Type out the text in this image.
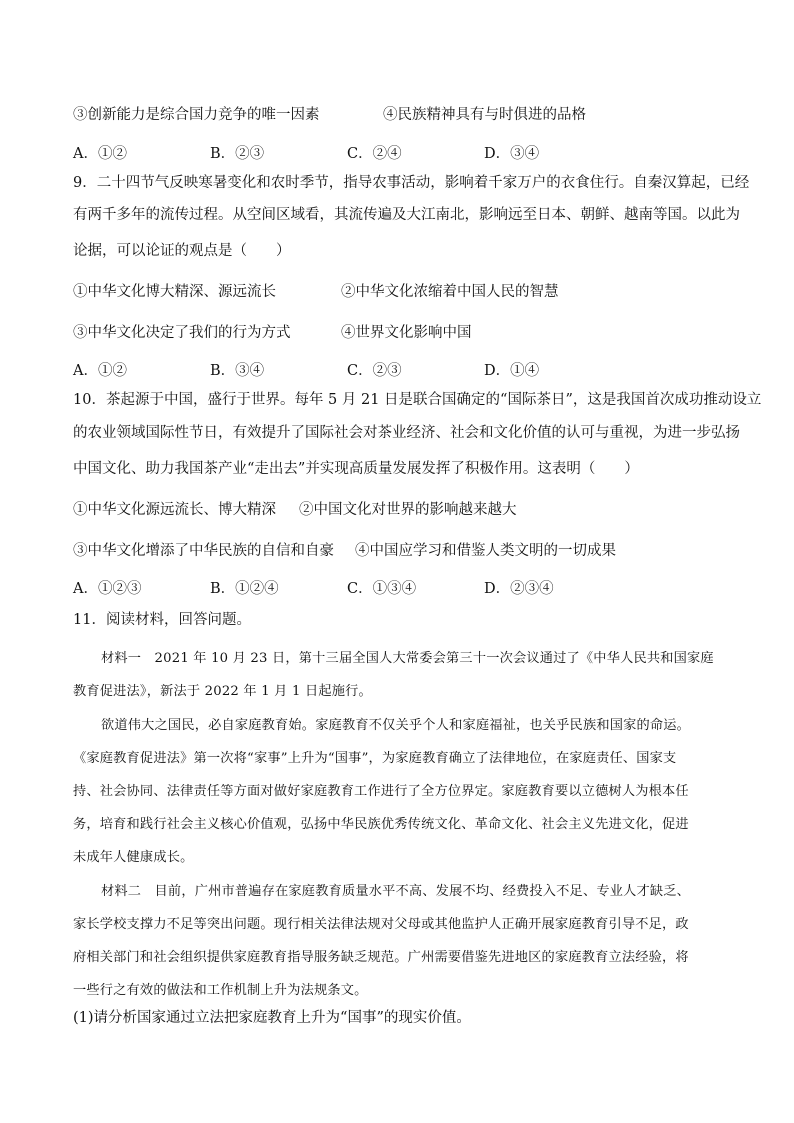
③创新能力是综合国力竞争的唯一因素	④民族精神具有与时俱进的品格
A．①②	B．②③	C．②④	D．③④
9．二十四节气反映寒暑变化和农时季节，指导农事活动，影响着千家万户的衣食住行。自秦汉算起，已经
有两千多年的流传过程。从空间区域看，其流传遍及大江南北，影响远至日本、朝鲜、越南等国。以此为
论据，可以论证的观点是（　　）
①中华文化博大精深、源远流长	②中华文化浓缩着中国人民的智慧
③中华文化决定了我们的行为方式	④世界文化影响中国
A．①②	B．③④	C．②③	D．①④
10．茶起源于中国，盛行于世界。每年 5 月 21 日是联合国确定的“国际茶日”，这是我国首次成功推动设立
的农业领域国际性节日，有效提升了国际社会对茶业经济、社会和文化价值的认可与重视，为进一步弘扬
中国文化、助力我国茶产业“走出去”并实现高质量发展发挥了积极作用。这表明（　　）
①中华文化源远流长、博大精深 ②中国文化对世界的影响越来越大
③中华文化增添了中华民族的自信和自豪 ④中国应学习和借鉴人类文明的一切成果
A．①②③	B．①②④	C．①③④	D．②③④
11．阅读材料，回答问题。
材料一　2021 年 10 月 23 日，第十三届全国人大常委会第三十一次会议通过了《中华人民共和国家庭
教育促进法》，新法于 2022 年 1 月 1 日起施行。
欲道伟大之国民，必自家庭教育始。家庭教育不仅关乎个人和家庭福祉，也关乎民族和国家的命运。
《家庭教育促进法》第一次将“家事”上升为“国事”，为家庭教育确立了法律地位，在家庭责任、国家支
持、社会协同、法律责任等方面对做好家庭教育工作进行了全方位界定。家庭教育要以立德树人为根本任
务，培育和践行社会主义核心价值观，弘扬中华民族优秀传统文化、革命文化、社会主义先进文化，促进
未成年人健康成长。
材料二　目前，广州市普遍存在家庭教育质量水平不高、发展不均、经费投入不足、专业人才缺乏、
家长学校支撑力不足等突出问题。现行相关法律法规对父母或其他监护人正确开展家庭教育引导不足，政
府相关部门和社会组织提供家庭教育指导服务缺乏规范。广州需要借鉴先进地区的家庭教育立法经验，将
一些行之有效的做法和工作机制上升为法规条文。
(1)请分析国家通过立法把家庭教育上升为“国事”的现实价值。
